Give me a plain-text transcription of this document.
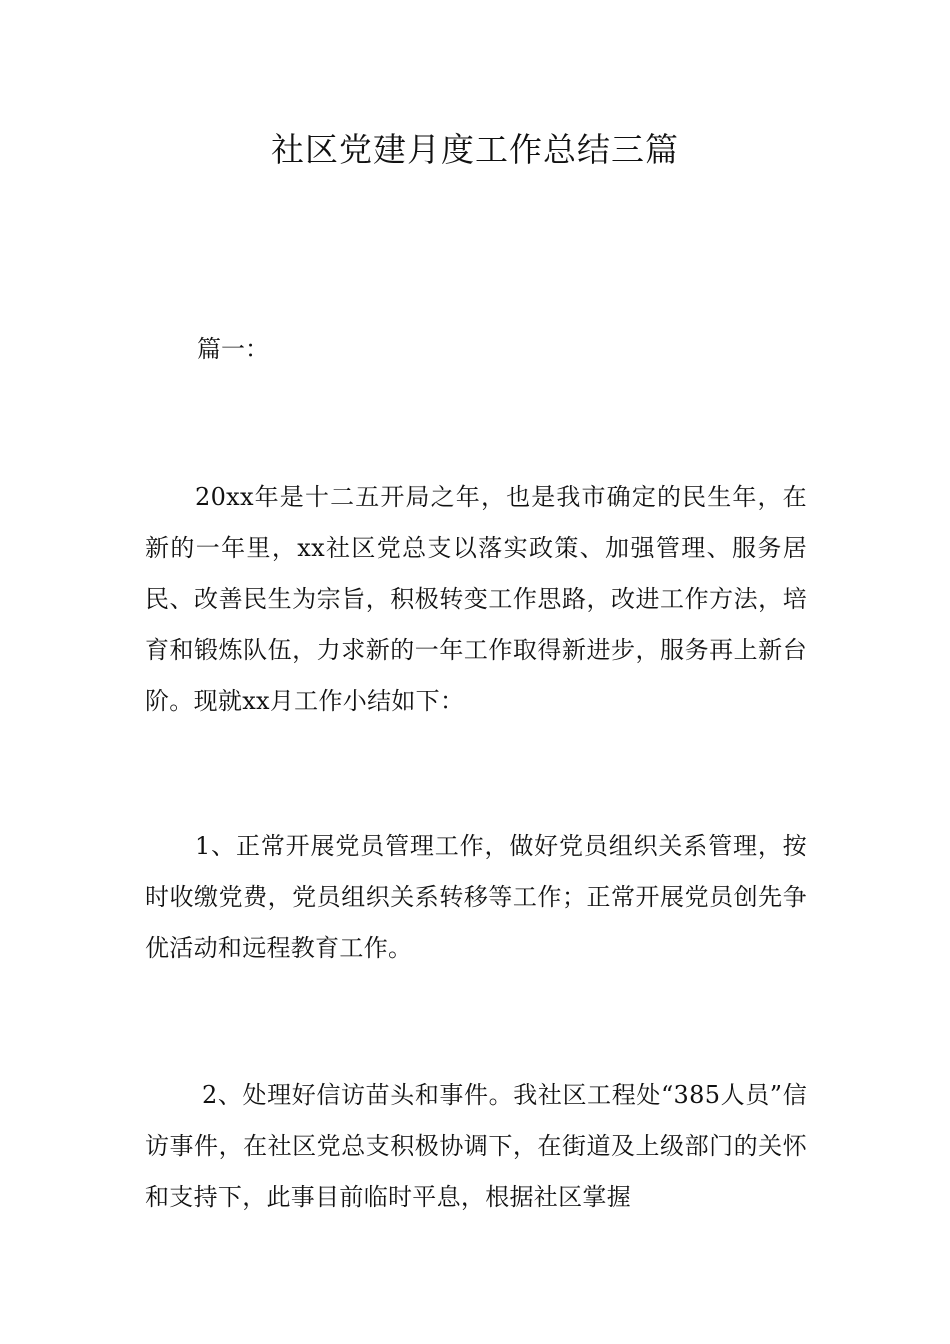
社区党建月度工作总结三篇

篇一：

20xx年是十二五开局之年，也是我市确定的民生年，在新的一年里，xx社区党总支以落实政策、加强管理、服务居民、改善民生为宗旨，积极转变工作思路，改进工作方法，培育和锻炼队伍，力求新的一年工作取得新进步，服务再上新台阶。现就xx月工作小结如下：

1、正常开展党员管理工作，做好党员组织关系管理，按时收缴党费，党员组织关系转移等工作；正常开展党员创先争优活动和远程教育工作。

2、处理好信访苗头和事件。我社区工程处“385人员”信访事件，在社区党总支积极协调下，在街道及上级部门的关怀和支持下，此事目前临时平息，根据社区掌握
